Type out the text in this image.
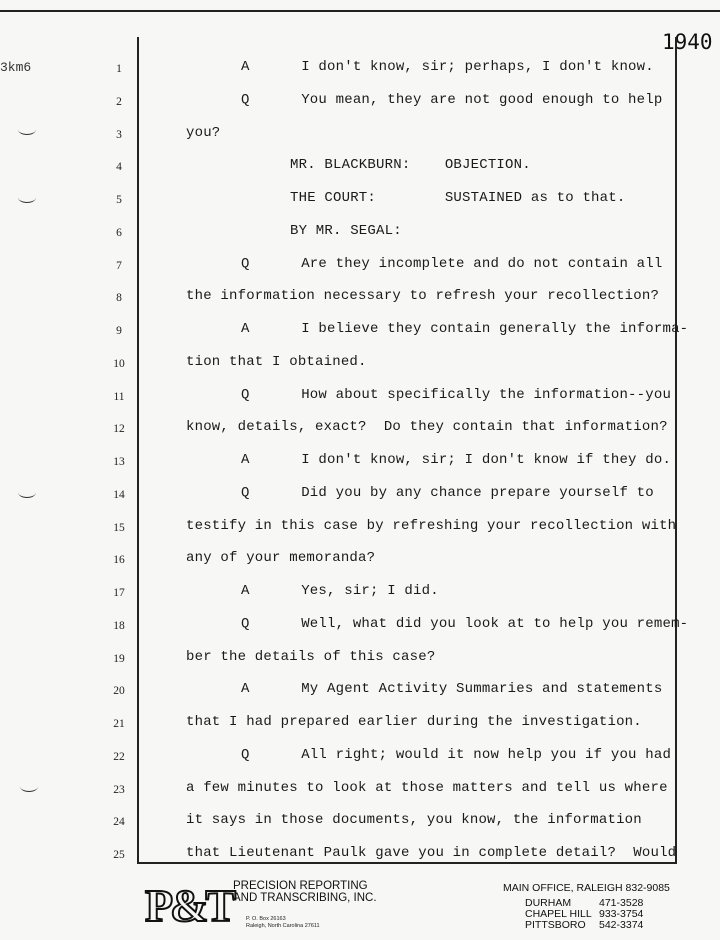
3km6
1940
1	A      I don't know, sir; perhaps, I don't know.
2	Q      You mean, they are not good enough to help
3	you?
4	MR. BLACKBURN:    OBJECTION.
5	THE COURT:        SUSTAINED as to that.
6	BY MR. SEGAL:
7	Q      Are they incomplete and do not contain all
8	the information necessary to refresh your recollection?
9	A      I believe they contain generally the informa-
10	tion that I obtained.
11	Q      How about specifically the information--you
12	know, details, exact?  Do they contain that information?
13	A      I don't know, sir; I don't know if they do.
14	Q      Did you by any chance prepare yourself to
15	testify in this case by refreshing your recollection with
16	any of your memoranda?
17	A      Yes, sir; I did.
18	Q      Well, what did you look at to help you remem-
19	ber the details of this case?
20	A      My Agent Activity Summaries and statements
21	that I had prepared earlier during the investigation.
22	Q      All right; would it now help you if you had
23	a few minutes to look at those matters and tell us where
24	it says in those documents, you know, the information
25	that Lieutenant Paulk gave you in complete detail?  Would
P&T PRECISION REPORTING
AND TRANSCRIBING, INC.
P. O. Box 26163
Raleigh, North Carolina 27611
MAIN OFFICE, RALEIGH 832-9085
DURHAM	471-3528
CHAPEL HILL 933-3754
PITTSBORO	542-3374
